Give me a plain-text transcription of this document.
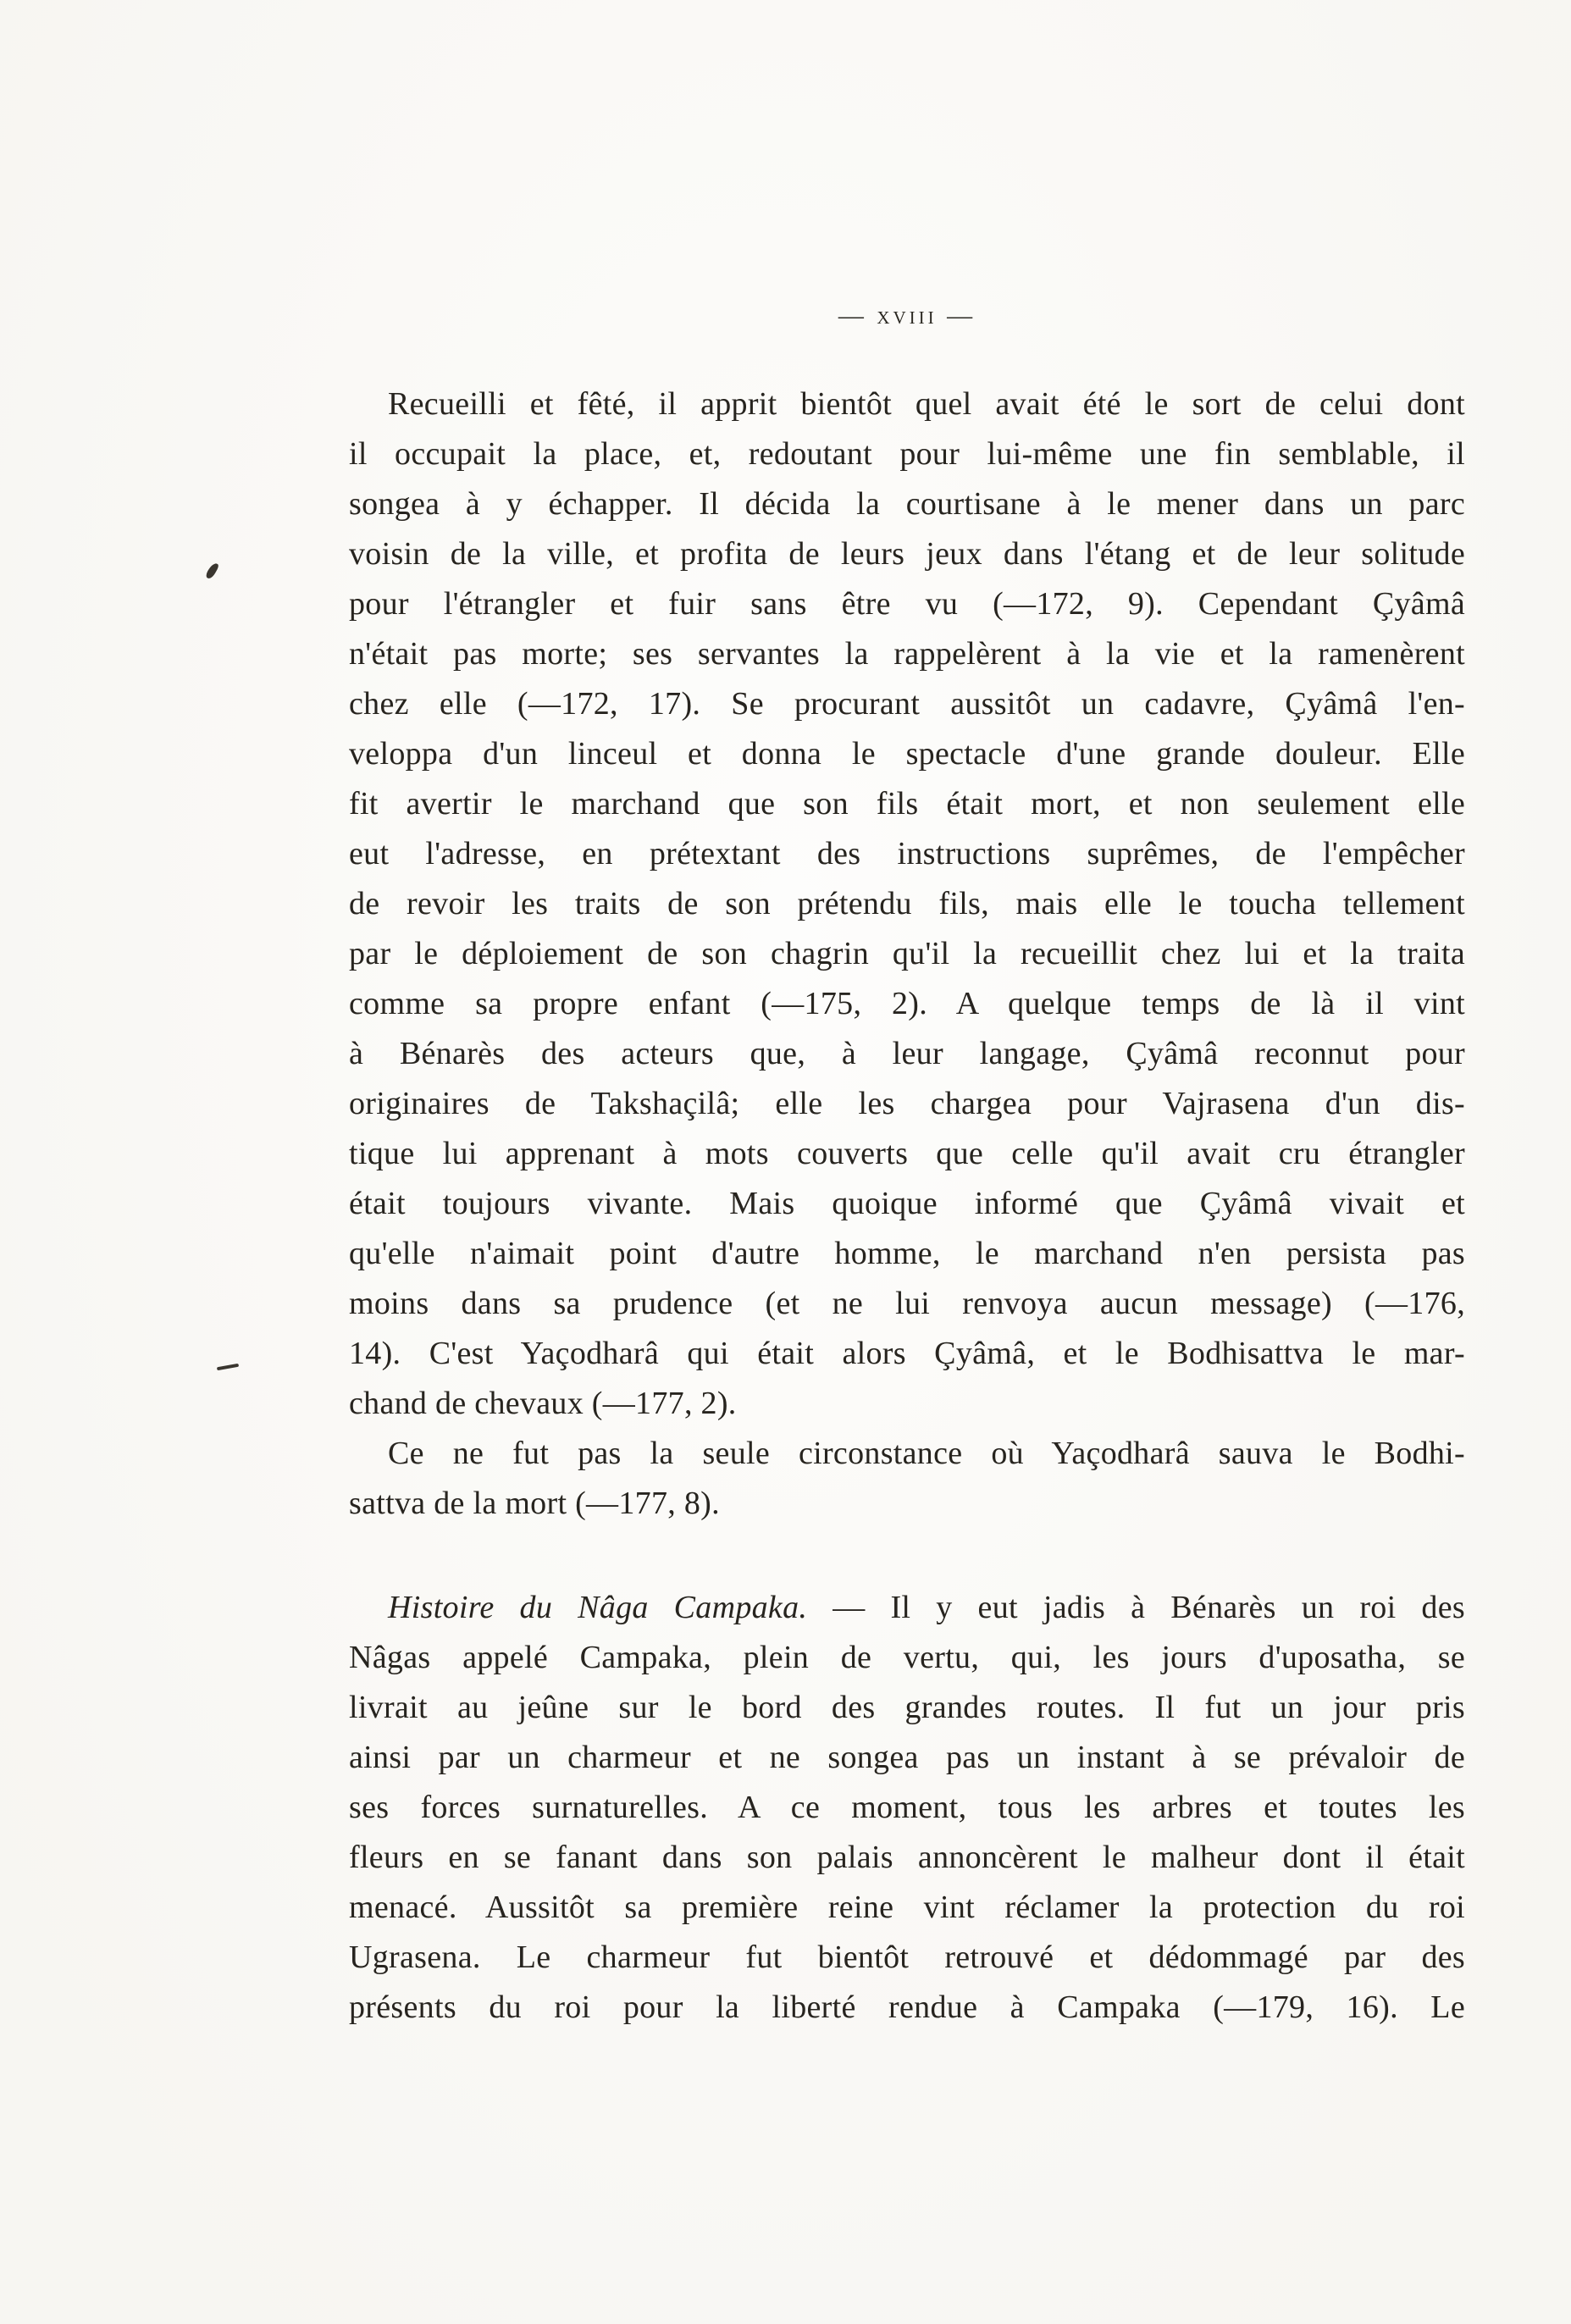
— xviii —
Recueilli et fêté, il apprit bientôt quel avait été le sort de celui dont
il occupait la place, et, redoutant pour lui-même une fin semblable, il
songea à y échapper. Il décida la courtisane à le mener dans un parc
voisin de la ville, et profita de leurs jeux dans l'étang et de leur solitude
pour l'étrangler et fuir sans être vu (—172, 9). Cependant Çyâmâ
n'était pas morte; ses servantes la rappelèrent à la vie et la ramenèrent
chez elle (—172, 17). Se procurant aussitôt un cadavre, Çyâmâ l'en-
veloppa d'un linceul et donna le spectacle d'une grande douleur. Elle
fit avertir le marchand que son fils était mort, et non seulement elle
eut l'adresse, en prétextant des instructions suprêmes, de l'empêcher
de revoir les traits de son prétendu fils, mais elle le toucha tellement
par le déploiement de son chagrin qu'il la recueillit chez lui et la traita
comme sa propre enfant (—175, 2). A quelque temps de là il vint
à Bénarès des acteurs que, à leur langage, Çyâmâ reconnut pour
originaires de Takshaçilâ; elle les chargea pour Vajrasena d'un dis-
tique lui apprenant à mots couverts que celle qu'il avait cru étrangler
était toujours vivante. Mais quoique informé que Çyâmâ vivait et
qu'elle n'aimait point d'autre homme, le marchand n'en persista pas
moins dans sa prudence (et ne lui renvoya aucun message) (—176,
14). C'est Yaçodharâ qui était alors Çyâmâ, et le Bodhisattva le mar-
chand de chevaux (—177, 2).
Ce ne fut pas la seule circonstance où Yaçodharâ sauva le Bodhi-
sattva de la mort (—177, 8).
Histoire du Nâga Campaka. — Il y eut jadis à Bénarès un roi des
Nâgas appelé Campaka, plein de vertu, qui, les jours d'uposatha, se
livrait au jeûne sur le bord des grandes routes. Il fut un jour pris
ainsi par un charmeur et ne songea pas un instant à se prévaloir de
ses forces surnaturelles. A ce moment, tous les arbres et toutes les
fleurs en se fanant dans son palais annoncèrent le malheur dont il était
menacé. Aussitôt sa première reine vint réclamer la protection du roi
Ugrasena. Le charmeur fut bientôt retrouvé et dédommagé par des
présents du roi pour la liberté rendue à Campaka (—179, 16). Le
